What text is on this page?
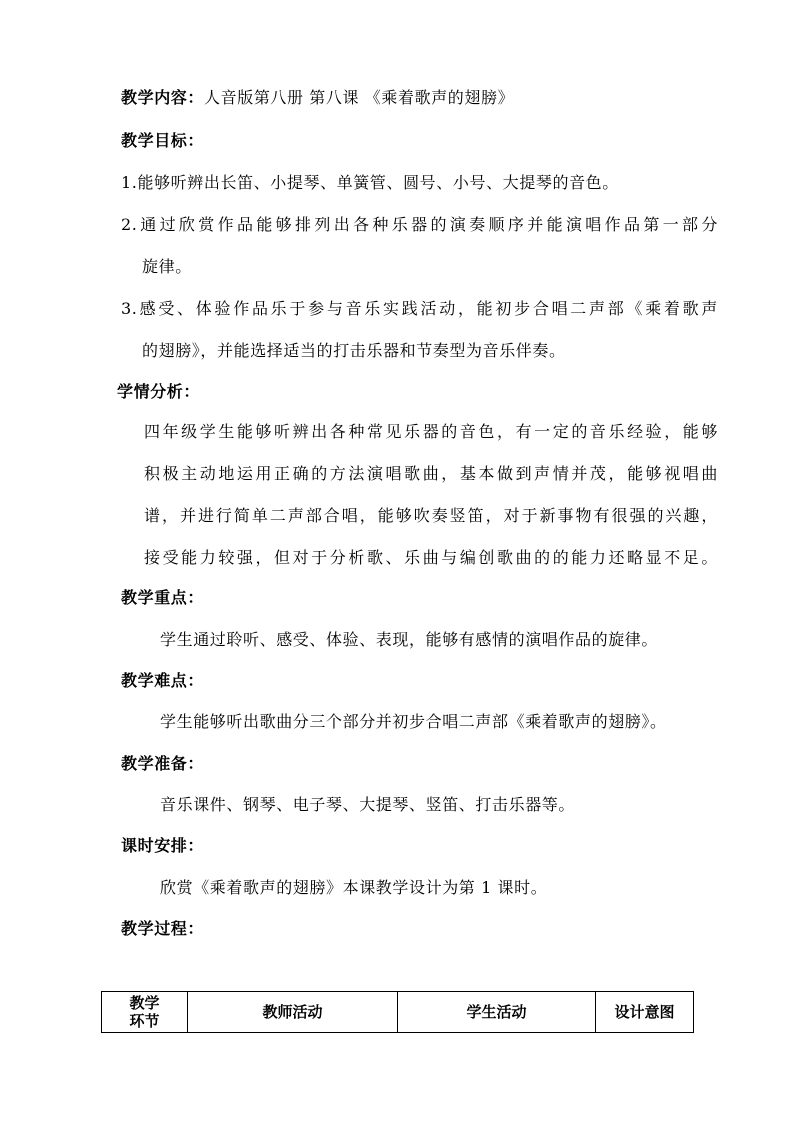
教学内容：人音版第八册 第八课 《乘着歌声的翅膀》
教学目标：
1.能够听辨出长笛、小提琴、单簧管、圆号、小号、大提琴的音色。
2.通过欣赏作品能够排列出各种乐器的演奏顺序并能演唱作品第一部分
旋律。
3.感受、体验作品乐于参与音乐实践活动，能初步合唱二声部《乘着歌声
的翅膀》，并能选择适当的打击乐器和节奏型为音乐伴奏。
学情分析：
四年级学生能够听辨出各种常见乐器的音色，有一定的音乐经验，能够
积极主动地运用正确的方法演唱歌曲，基本做到声情并茂，能够视唱曲
谱，并进行简单二声部合唱，能够吹奏竖笛，对于新事物有很强的兴趣，
接受能力较强，但对于分析歌、乐曲与编创歌曲的的能力还略显不足。
教学重点：
学生通过聆听、感受、体验、表现，能够有感情的演唱作品的旋律。
教学难点：
学生能够听出歌曲分三个部分并初步合唱二声部《乘着歌声的翅膀》。
教学准备：
音乐课件、钢琴、电子琴、大提琴、竖笛、打击乐器等。
课时安排：
欣赏《乘着歌声的翅膀》本课教学设计为第 1 课时。
教学过程：
教学
环节	教师活动	学生活动	设计意图
